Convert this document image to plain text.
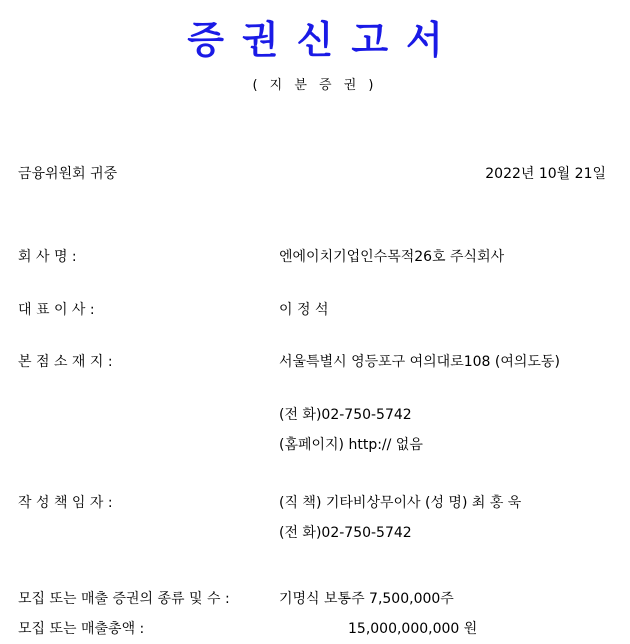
증권신고서
( 지 분 증 권 )
금융위원회 귀중	2022년 10월 21일
회 사 명 :	엔에이치기업인수목적26호 주식회사
대 표 이 사 :	이 정 석
본 점 소 재 지 :	서울특별시 영등포구 여의대로108 (여의도동)
(전 화)02-750-5742
(홈페이지) http:// 없음
작 성 책 임 자 :	(직 책) 기타비상무이사 (성 명) 최 홍 욱
(전 화)02-750-5742
모집 또는 매출 증권의 종류 및 수 :	기명식 보통주 7,500,000주
모집 또는 매출총액 :	15,000,000,000 원
